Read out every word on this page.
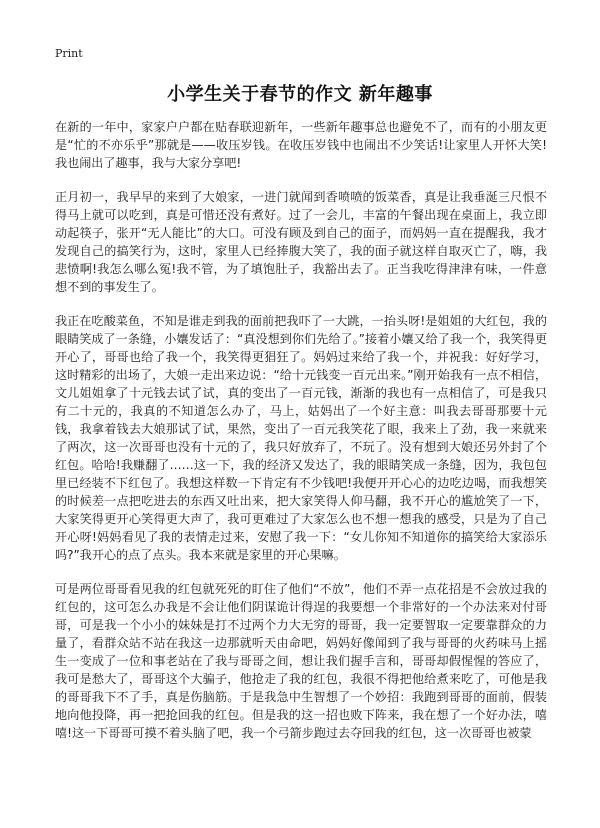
Print
小学生关于春节的作文 新年趣事

在新的一年中，家家户户都在贴春联迎新年，一些新年趣事总也避免不了，而有的小朋友更是“忙的不亦乐乎”那就是——收压岁钱。在收压岁钱中也闹出不少笑话!让家里人开怀大笑!我也闹出了趣事，我与大家分享吧!

正月初一，我早早的来到了大娘家，一进门就闻到香喷喷的饭菜香，真是让我垂涎三尺恨不得马上就可以吃到，真是可惜还没有煮好。过了一会儿，丰富的午餐出现在桌面上，我立即动起筷子，张开“无人能比”的大口。可没有顾及到自己的面子，而妈妈一直在提醒我，我才发现自己的搞笑行为，这时，家里人已经捧腹大笑了，我的面子就这样自取灭亡了，嗨，我悲愤啊!我怎么哪么冤!我不管，为了填饱肚子，我豁出去了。正当我吃得津津有味，一件意想不到的事发生了。

我正在吃酸菜鱼，不知是谁走到我的面前把我吓了一大跳，一抬头呀!是姐姐的大红包，我的眼睛笑成了一条缝，小孃发话了：“真没想到你们先给了。”接着小孃又给了我一个，我笑得更开心了，哥哥也给了我一个，我笑得更猖狂了。妈妈过来给了我一个，并祝我：好好学习，这时精彩的出场了，大娘一走出来边说：“给十元钱变一百元出来。”刚开始我有一点不相信，文儿姐姐拿了十元钱去试了试，真的变出了一百元钱，渐渐的我也有一点相信了，可是我只有二十元的，我真的不知道怎么办了，马上，姑妈出了一个好主意：叫我去哥哥那要十元钱，我拿着钱去大娘那试了试，果然，变出了一百元我笑花了眼，我来上了劲，我一来就来了两次，这一次哥哥也没有十元的了，我只好放弃了，不玩了。没有想到大娘还另外封了个红包。哈哈!我赚翻了……这一下，我的经济又发达了，我的眼睛笑成一条缝，因为，我包包里已经装不下红包了。我想这样数一下肯定有不少钱吧!我便开开心心的边吃边喝，而我想笑的时候差一点把吃进去的东西又吐出来，把大家笑得人仰马翻，我不开心的尴尬笑了一下，大家笑得更开心笑得更大声了，我可更难过了大家怎么也不想一想我的感受，只是为了自己开心呀!妈妈看见了我的表情走过来，安慰了我一下：“女儿你知不知道你的搞笑给大家添乐吗?”我开心的点了点头。我本来就是家里的开心果嘛。

可是两位哥哥看见我的红包就死死的盯住了他们“不放”，他们不弄一点花招是不会放过我的红包的，这可怎么办我是不会让他们阴谋诡计得逞的我要想一个非常好的一个办法来对付哥哥，可是我一个小小的妹妹是打不过两个力大无穷的哥哥，我一定要智取一定要靠群众的力量了，看群众站不站在我这一边那就听天由命吧，妈妈好像闻到了我与哥哥的火药味马上摇生一变成了一位和事老站在了我与哥哥之间，想让我们握手言和，哥哥却假惺惺的答应了，我可是愁大了，哥哥这个大骗子，他抢走了我的红包，我很不得把他给煮来吃了，可他是我的哥哥我下不了手，真是伤脑筋。于是我急中生智想了一个妙招：我跑到哥哥的面前，假装地向他投降，再一把抢回我的红包。但是我的这一招也败下阵来，我在想了一个好办法，嘻嘻!这一下哥哥可摸不着头脑了吧，我一个弓箭步跑过去夺回我的红包，这一次哥哥也被蒙
